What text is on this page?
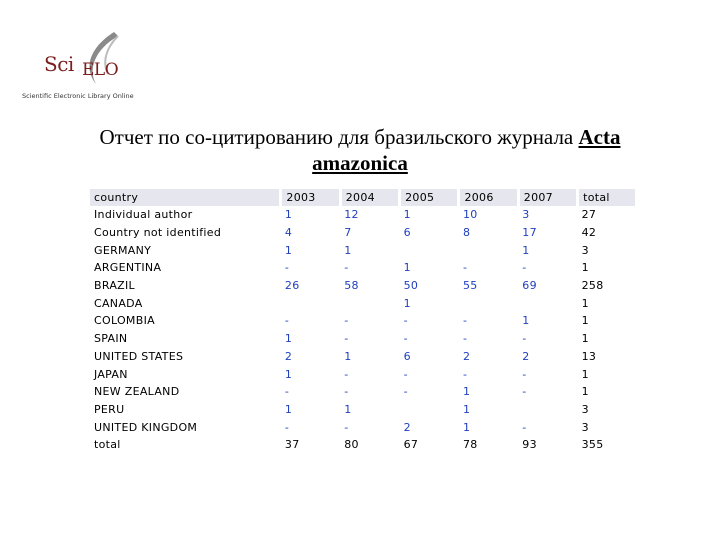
Sci ELO
Scientific Electronic Library Online
Отчет по со-цитированию для бразильского журнала Acta
amazonica
country	2003	2004	2005	2006	2007	total
Individual author	1	12	1	10	3	27
Country not identified	4	7	6	8	17	42
GERMANY	1	1			1	3
ARGENTINA	-	-	1	-	-	1
BRAZIL	26	58	50	55	69	258
CANADA			1			1
COLOMBIA	-	-	-	-	1	1
SPAIN	1	-	-	-	-	1
UNITED STATES	2	1	6	2	2	13
JAPAN	1	-	-	-	-	1
NEW ZEALAND	-	-	-	1	-	1
PERU	1	1		1		3
UNITED KINGDOM	-	-	2	1	-	3
total	37	80	67	78	93	355
